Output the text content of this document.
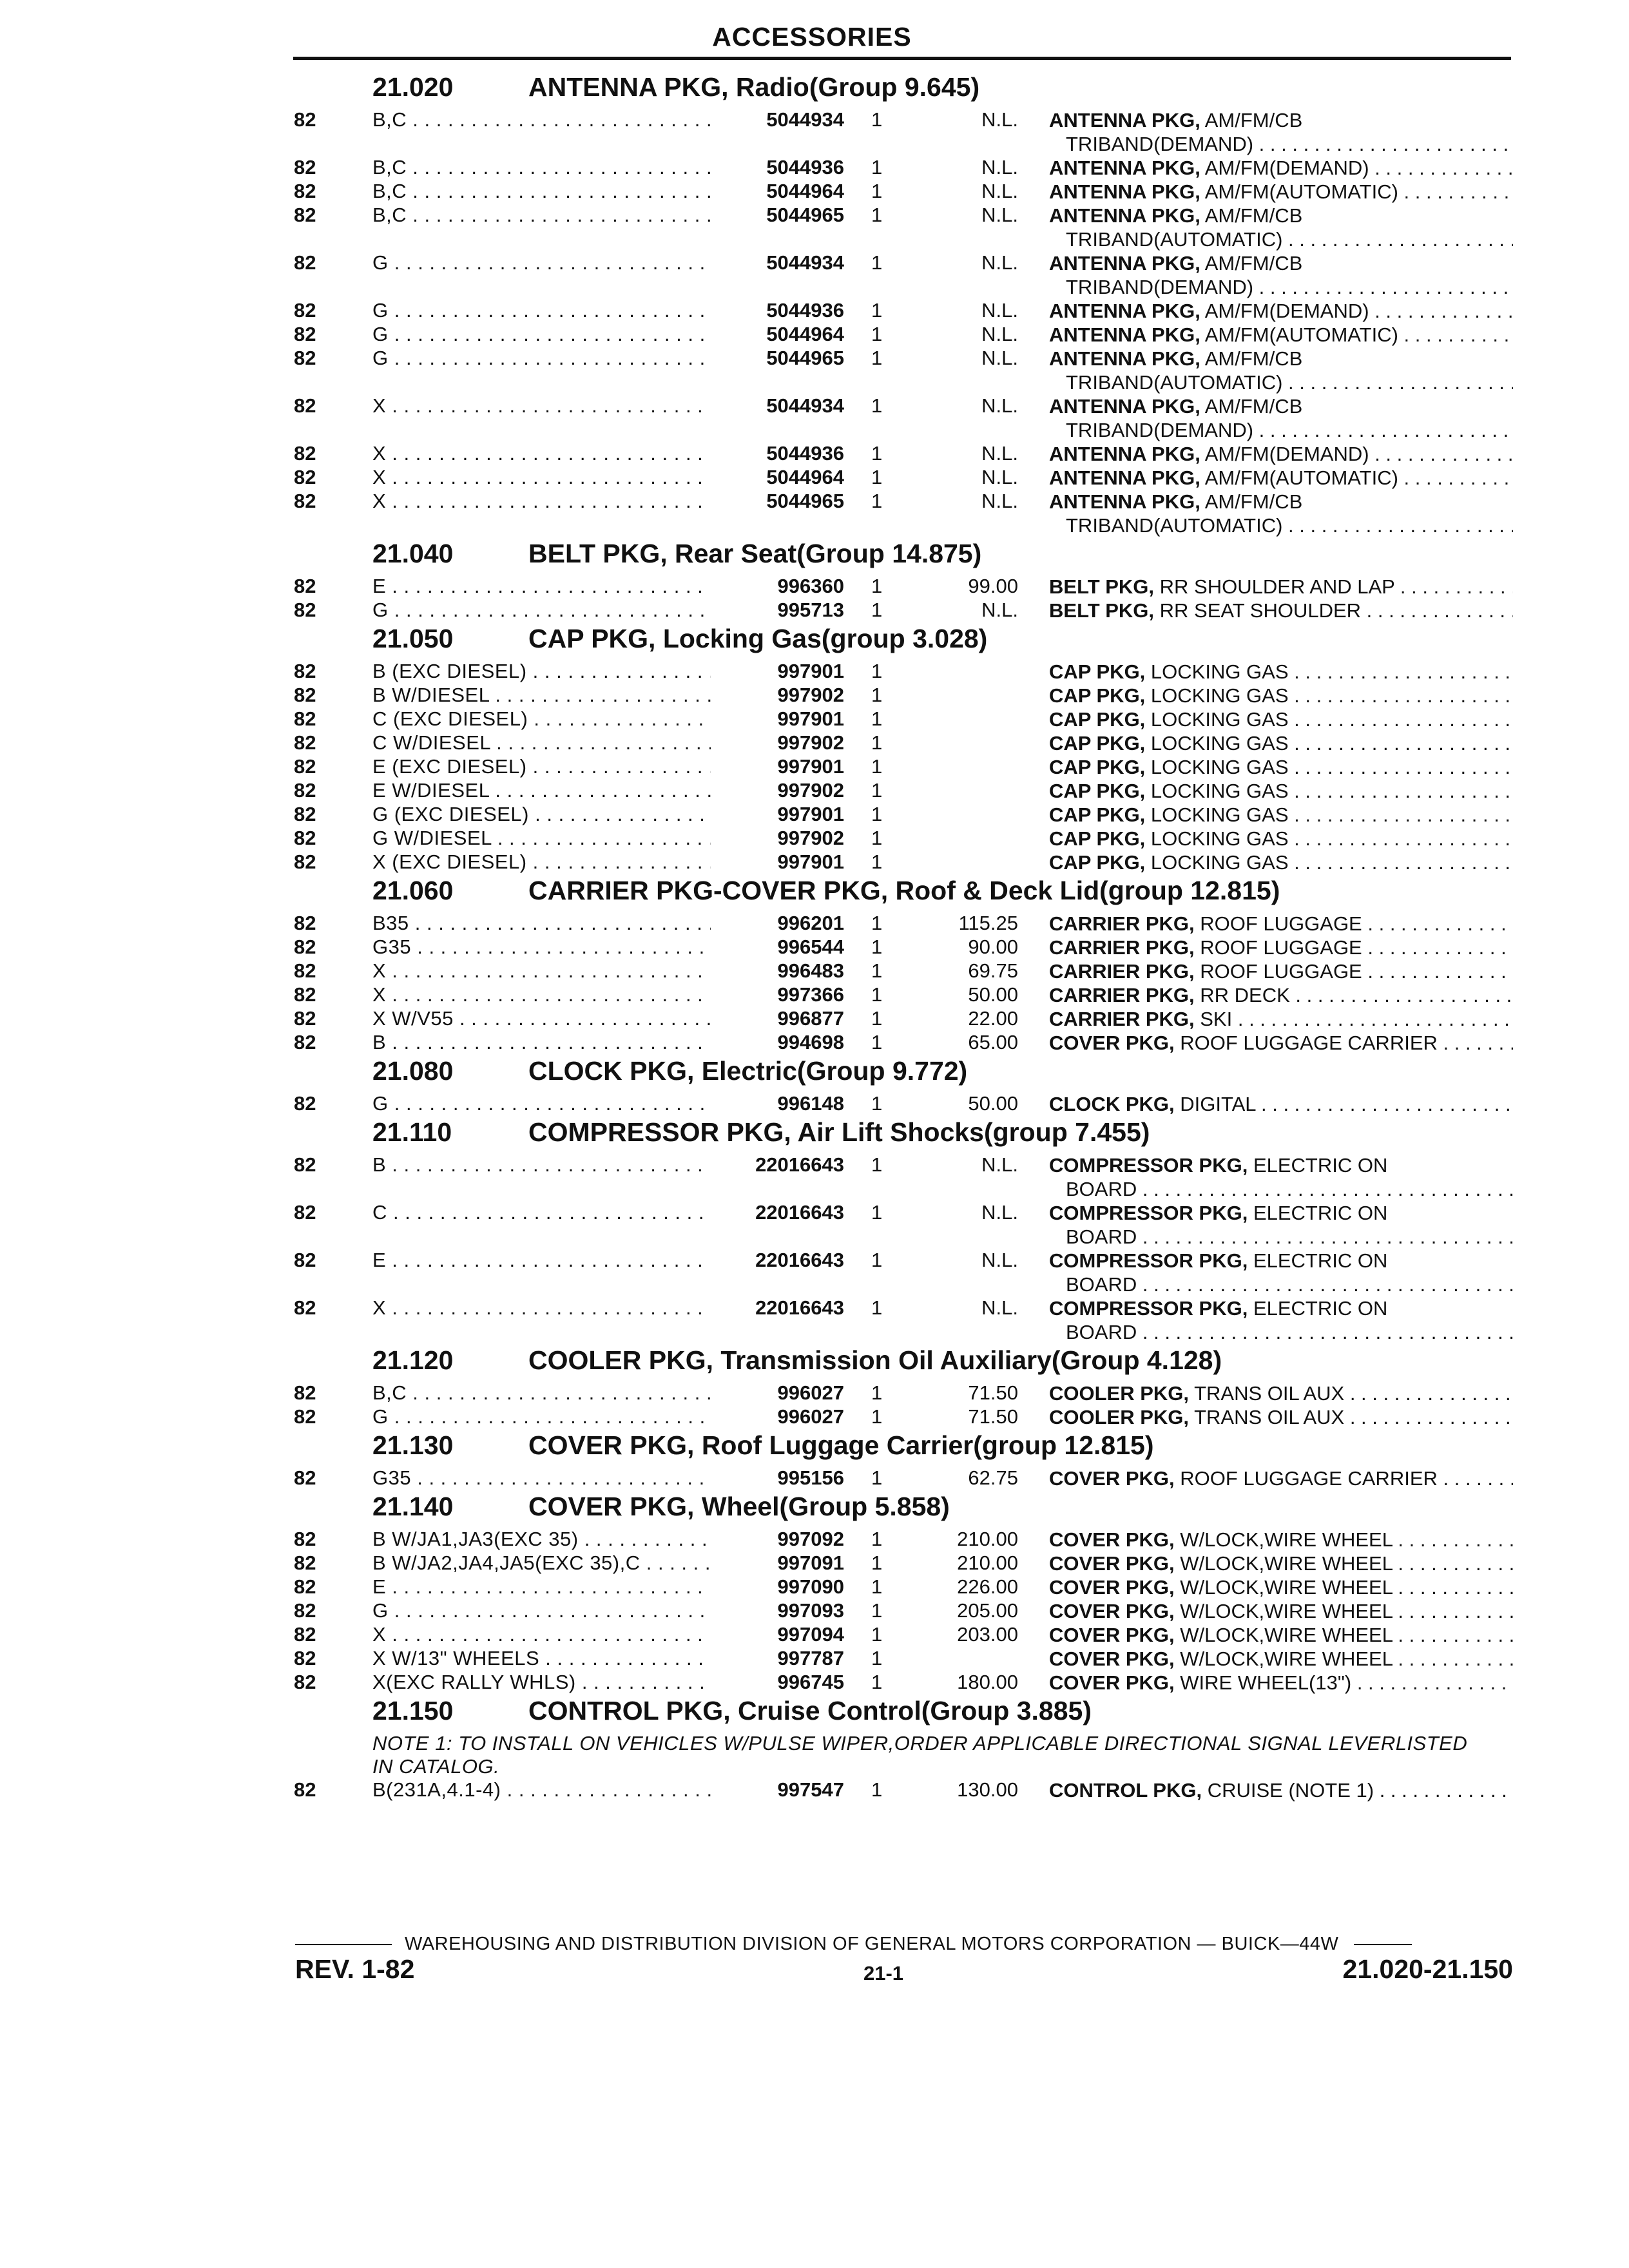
ACCESSORIES
21.020	ANTENNA PKG, Radio(Group 9.645)
82	B,C . . .	5044934 1	N.L. ANTENNA PKG, AM/FM/CB
TRIBAND(DEMAND) . . .
82	B,C . . .	5044936 1	N.L. ANTENNA PKG, AM/FM(DEMAND) . . .
82	B,C . . .	5044964 1	N.L. ANTENNA PKG, AM/FM(AUTOMATIC) . . .
82	B,C . . .	5044965 1	N.L. ANTENNA PKG, AM/FM/CB
TRIBAND(AUTOMATIC) . . .
82	G . . .	5044934 1	N.L. ANTENNA PKG, AM/FM/CB
TRIBAND(DEMAND) . . .
82	G . . .	5044936 1	N.L. ANTENNA PKG, AM/FM(DEMAND) . . .
82	G . . .	5044964 1	N.L. ANTENNA PKG, AM/FM(AUTOMATIC) . . .
82	G . . .	5044965 1	N.L. ANTENNA PKG, AM/FM/CB
TRIBAND(AUTOMATIC) . . .
82	X . . .	5044934 1	N.L. ANTENNA PKG, AM/FM/CB
TRIBAND(DEMAND) . . .
82	X . . .	5044936 1	N.L. ANTENNA PKG, AM/FM(DEMAND) . . .
82	X . . .	5044964 1	N.L. ANTENNA PKG, AM/FM(AUTOMATIC) . . .
82	X . . .	5044965 1	N.L. ANTENNA PKG, AM/FM/CB
TRIBAND(AUTOMATIC) . . .
21.040	BELT PKG, Rear Seat(Group 14.875)
82	E . . .	996360 1	99.00 BELT PKG, RR SHOULDER AND LAP . . .
82	G . . .	995713 1	N.L. BELT PKG, RR SEAT SHOULDER . . .
21.050	CAP PKG, Locking Gas(group 3.028)
82	B (EXC DIESEL) . . .	997901 1	CAP PKG, LOCKING GAS . . .
82	B W/DIESEL . . .	997902 1	CAP PKG, LOCKING GAS . . .
82	C (EXC DIESEL) . . .	997901 1	CAP PKG, LOCKING GAS . . .
82	C W/DIESEL . . .	997902 1	CAP PKG, LOCKING GAS . . .
82	E (EXC DIESEL) . . .	997901 1	CAP PKG, LOCKING GAS . . .
82	E W/DIESEL . . .	997902 1	CAP PKG, LOCKING GAS . . .
82	G (EXC DIESEL) . . .	997901 1	CAP PKG, LOCKING GAS . . .
82	G W/DIESEL . . .	997902 1	CAP PKG, LOCKING GAS . . .
82	X (EXC DIESEL) . . .	997901 1	CAP PKG, LOCKING GAS . . .
21.060	CARRIER PKG-COVER PKG, Roof & Deck Lid(group 12.815)
82	B35 . . .	996201 1	115.25 CARRIER PKG, ROOF LUGGAGE . . .
82	G35 . . .	996544 1	90.00 CARRIER PKG, ROOF LUGGAGE . . .
82	X . . .	996483 1	69.75 CARRIER PKG, ROOF LUGGAGE . . .
82	X . . .	997366 1	50.00 CARRIER PKG, RR DECK . . .
82	X W/V55 . . .	996877 1	22.00 CARRIER PKG, SKI . . .
82	B . . .	994698 1	65.00 COVER PKG, ROOF LUGGAGE CARRIER . . .
21.080	CLOCK PKG, Electric(Group 9.772)
82	G . . .	996148 1	50.00 CLOCK PKG, DIGITAL . . .
21.110	COMPRESSOR PKG, Air Lift Shocks(group 7.455)
82	B . . .	22016643 1	N.L. COMPRESSOR PKG, ELECTRIC ON
BOARD . . .
82	C . . .	22016643 1	N.L. COMPRESSOR PKG, ELECTRIC ON
BOARD . . .
82	E . . .	22016643 1	N.L. COMPRESSOR PKG, ELECTRIC ON
BOARD . . .
82	X . . .	22016643 1	N.L. COMPRESSOR PKG, ELECTRIC ON
BOARD . . .
21.120	COOLER PKG, Transmission Oil Auxiliary(Group 4.128)
82	B,C . . .	996027 1	71.50 COOLER PKG, TRANS OIL AUX . . .
82	G . . .	996027 1	71.50 COOLER PKG, TRANS OIL AUX . . .
21.130	COVER PKG, Roof Luggage Carrier(group 12.815)
82	G35 . . .	995156 1	62.75 COVER PKG, ROOF LUGGAGE CARRIER . . .
21.140	COVER PKG, Wheel(Group 5.858)
82	B W/JA1,JA3(EXC 35) . . .	997092 1	210.00 COVER PKG, W/LOCK,WIRE WHEEL . . .
82	B W/JA2,JA4,JA5(EXC 35),C . . .	997091 1	210.00 COVER PKG, W/LOCK,WIRE WHEEL . . .
82	E . . .	997090 1	226.00 COVER PKG, W/LOCK,WIRE WHEEL . . .
82	G . . .	997093 1	205.00 COVER PKG, W/LOCK,WIRE WHEEL . . .
82	X . . .	997094 1	203.00 COVER PKG, W/LOCK,WIRE WHEEL . . .
82	X W/13" WHEELS . . .	997787 1	COVER PKG, W/LOCK,WIRE WHEEL . . .
82	X(EXC RALLY WHLS) . . .	996745 1	180.00 COVER PKG, WIRE WHEEL(13") . . .
21.150	CONTROL PKG, Cruise Control(Group 3.885)
NOTE 1: TO INSTALL ON VEHICLES W/PULSE WIPER,ORDER APPLICABLE DIRECTIONAL SIGNAL LEVERLISTED IN CATALOG.
82	B(231A,4.1-4) . . .	997547 1	130.00 CONTROL PKG, CRUISE (NOTE 1) . . .
WAREHOUSING AND DISTRIBUTION DIVISION OF GENERAL MOTORS CORPORATION — BUICK—44W
REV. 1-82	21-1	21.020-21.150
